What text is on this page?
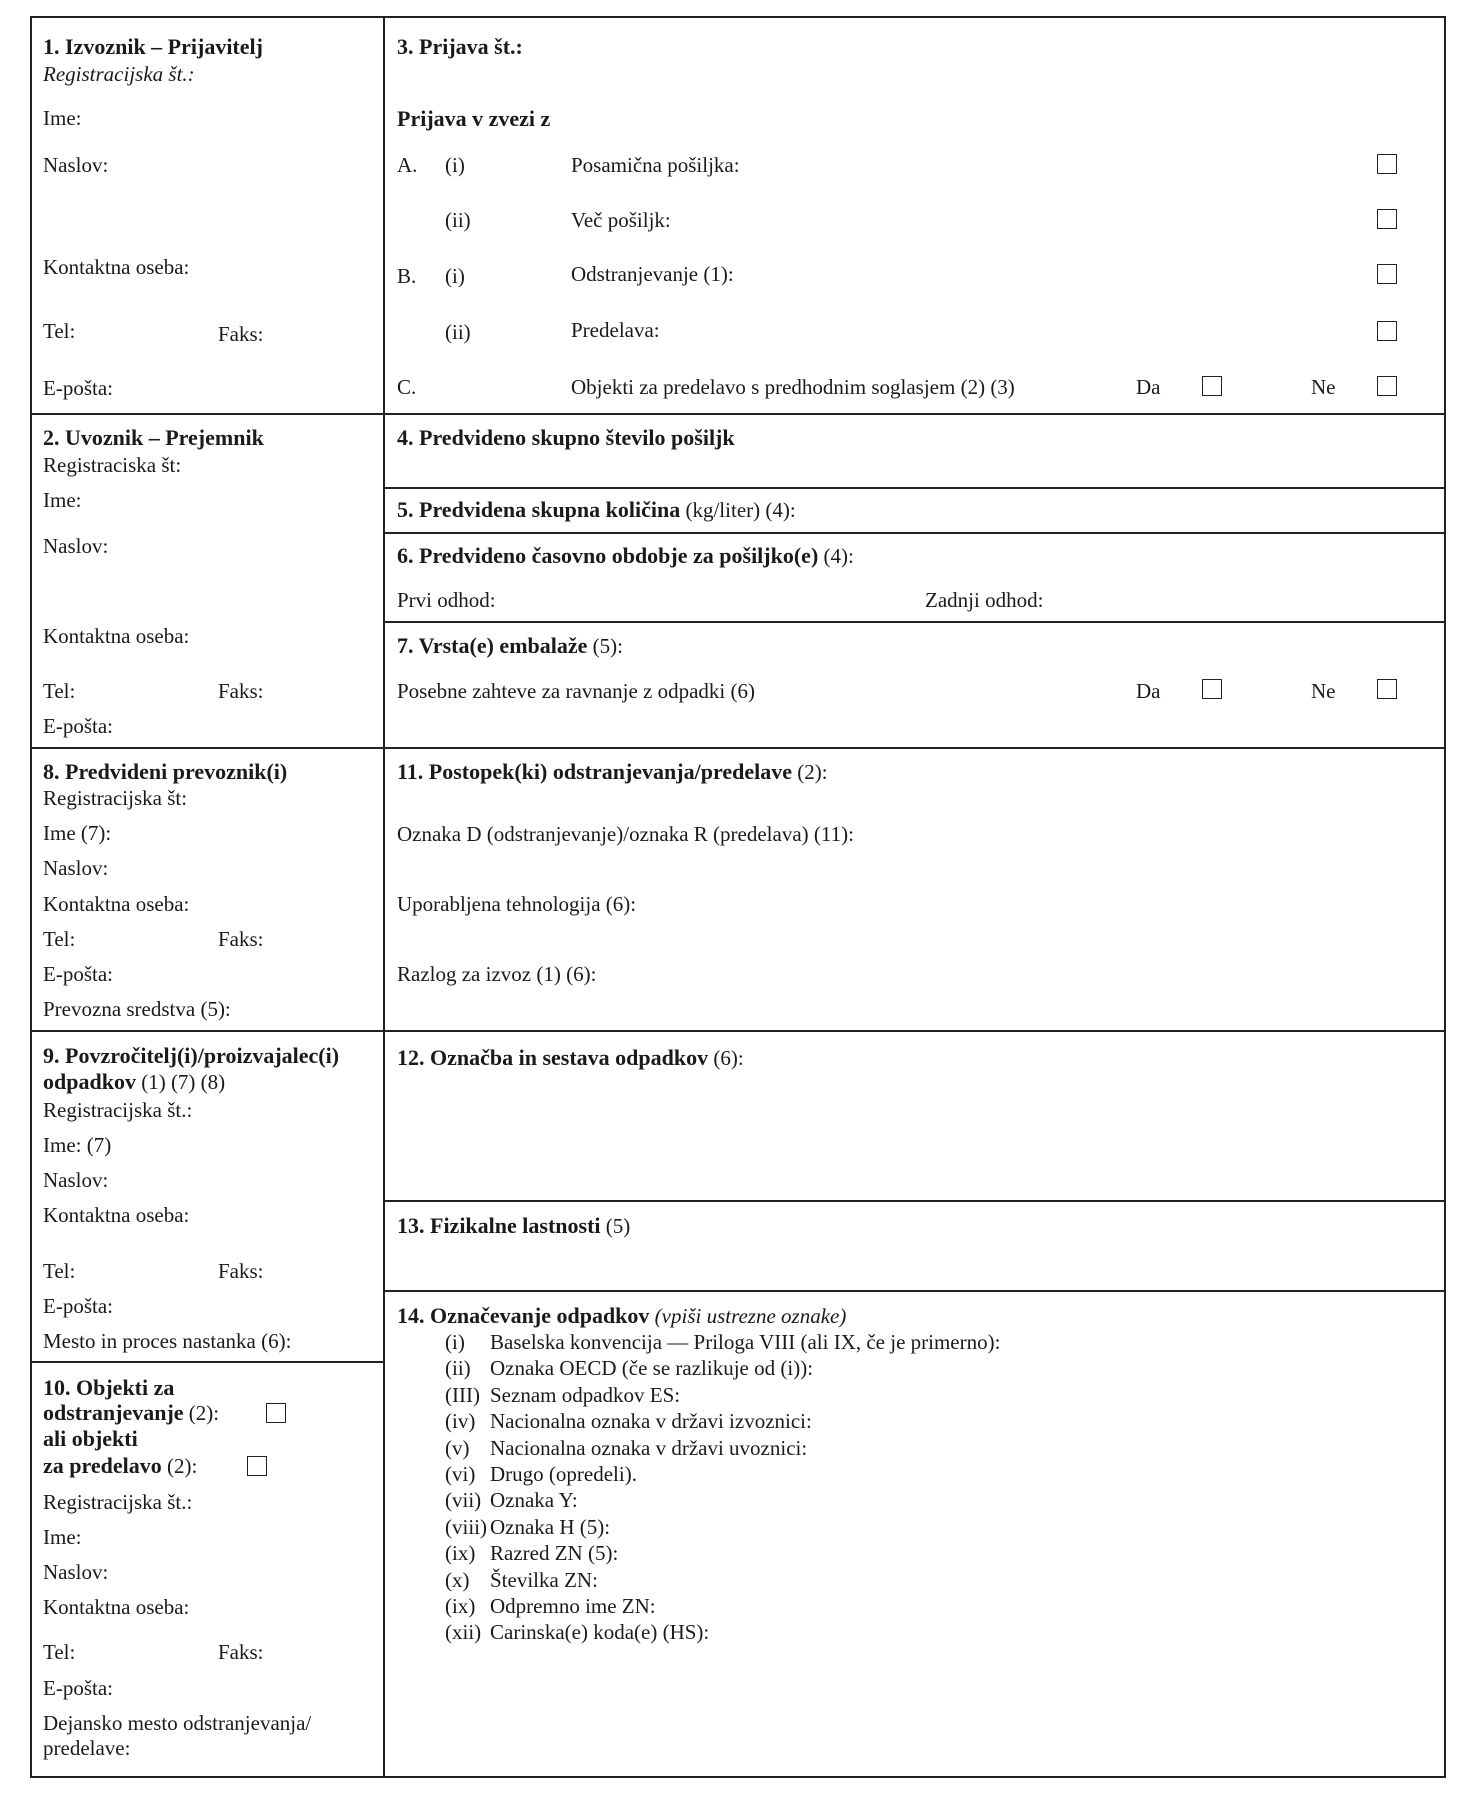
1. Izvoznik – Prijavitelj
Registracijska št.:
Ime:
Naslov:
Kontaktna oseba:
Tel:	Faks:
E-pošta:
2. Uvoznik – Prejemnik
Registraciska št:
Ime:
Naslov:
Kontaktna oseba:
Tel:	Faks:
E-pošta:
3. Prijava št.:
Prijava v zvezi z
A. (i)	Posamična pošiljka:
(ii)	Več pošiljk:
B. (i)	Odstranjevanje (1):
(ii)	Predelava:
C.	Objekti za predelavo s predhodnim soglasjem (2) (3)	Da	Ne
4. Predvideno skupno število pošiljk
5. Predvidena skupna količina (kg/liter) (4):
6. Predvideno časovno obdobje za pošiljko(e) (4):
Prvi odhod:	Zadnji odhod:
7. Vrsta(e) embalaže (5):
Posebne zahteve za ravnanje z odpadki (6)	Da	Ne
8. Predvideni prevoznik(i)
Registracijska št:
Ime (7):
Naslov:
Kontaktna oseba:
Tel:	Faks:
E-pošta:
Prevozna sredstva (5):
11. Postopek(ki) odstranjevanja/predelave (2):
Oznaka D (odstranjevanje)/oznaka R (predelava) (11):
Uporabljena tehnologija (6):
Razlog za izvoz (1) (6):
9. Povzročitelj(i)/proizvajalec(i)
odpadkov (1) (7) (8)
Registracijska št.:
Ime: (7)
Naslov:
Kontaktna oseba:
Tel:	Faks:
E-pošta:
Mesto in proces nastanka (6):
12. Označba in sestava odpadkov (6):
13. Fizikalne lastnosti (5)
10. Objekti za
odstranjevanje (2):
ali objekti
za predelavo (2):
Registracijska št.:
Ime:
Naslov:
Kontaktna oseba:
Tel:	Faks:
E-pošta:
Dejansko mesto odstranjevanja/
predelave:
14. Označevanje odpadkov (vpiši ustrezne oznake)
(i) Baselska konvencija — Priloga VIII (ali IX, če je primerno):
(ii) Oznaka OECD (če se razlikuje od (i)):
(III) Seznam odpadkov ES:
(iv) Nacionalna oznaka v državi izvoznici:
(v) Nacionalna oznaka v državi uvoznici:
(vi) Drugo (opredeli).
(vii) Oznaka Y:
(viii) Oznaka H (5):
(ix) Razred ZN (5):
(x) Številka ZN:
(ix) Odpremno ime ZN:
(xii) Carinska(e) koda(e) (HS):
